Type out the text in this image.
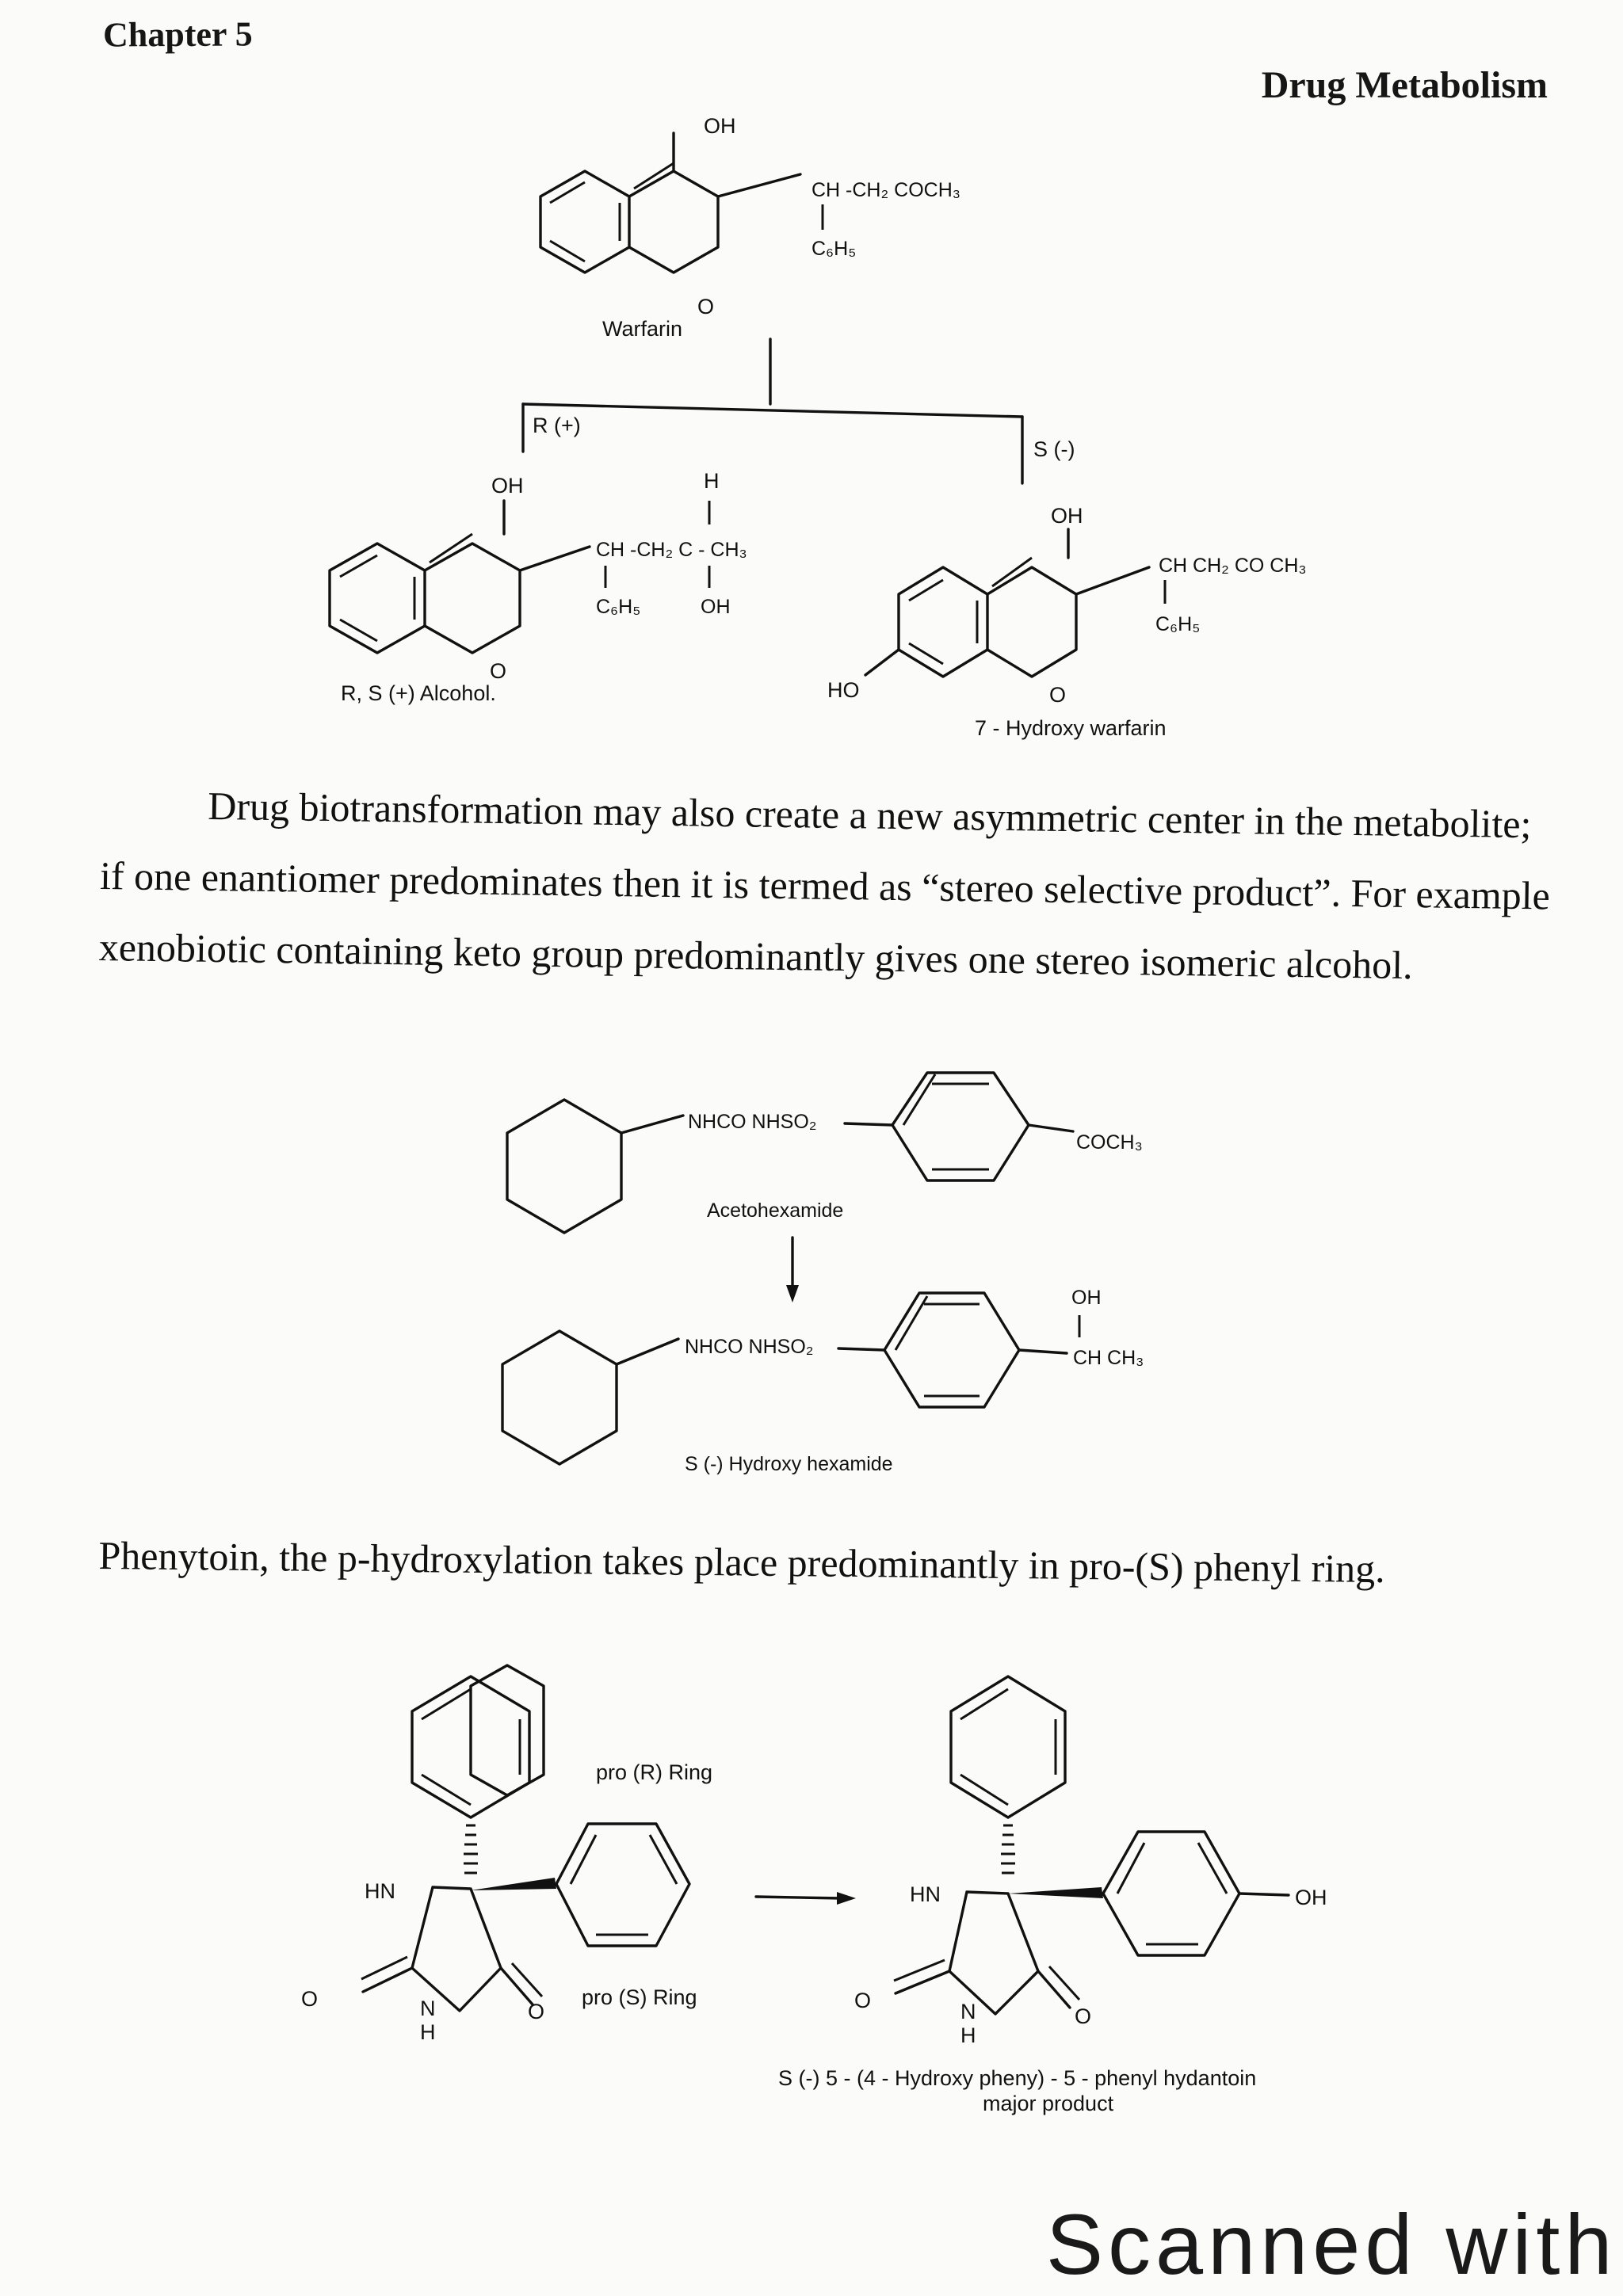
Chapter 5
Drug Metabolism
OH
CH -CH₂ COCH₃
C₆H₅
O
Warfarin
R (+)
S (-)
OH	H
CH -CH₂ C - CH₃
C₆H₅	OH
O
R, S (+) Alcohol.
OH
CH CH₂ CO CH₃
C₆H₅
HO	O
7 - Hydroxy warfarin
NHCO NHSO₂
COCH₃
Acetohexamide
NHCO NHSO₂
OH
CH CH₃
S (-) Hydroxy hexamide
HN
N
H
O
O
pro (R) Ring
pro (S) Ring
HN
N
H
O
O
OH
S (-) 5 - (4 - Hydroxy pheny) - 5 - phenyl hydantoin
major product
Drug biotransformation may also create a new asymmetric center in the metabolite;
if one enantiomer predominates then it is termed as “stereo selective product”. For example
xenobiotic containing keto group predominantly gives one stereo isomeric alcohol.
Phenytoin, the p-hydroxylation takes place predominantly in pro-(S) phenyl ring.
Scanned with
